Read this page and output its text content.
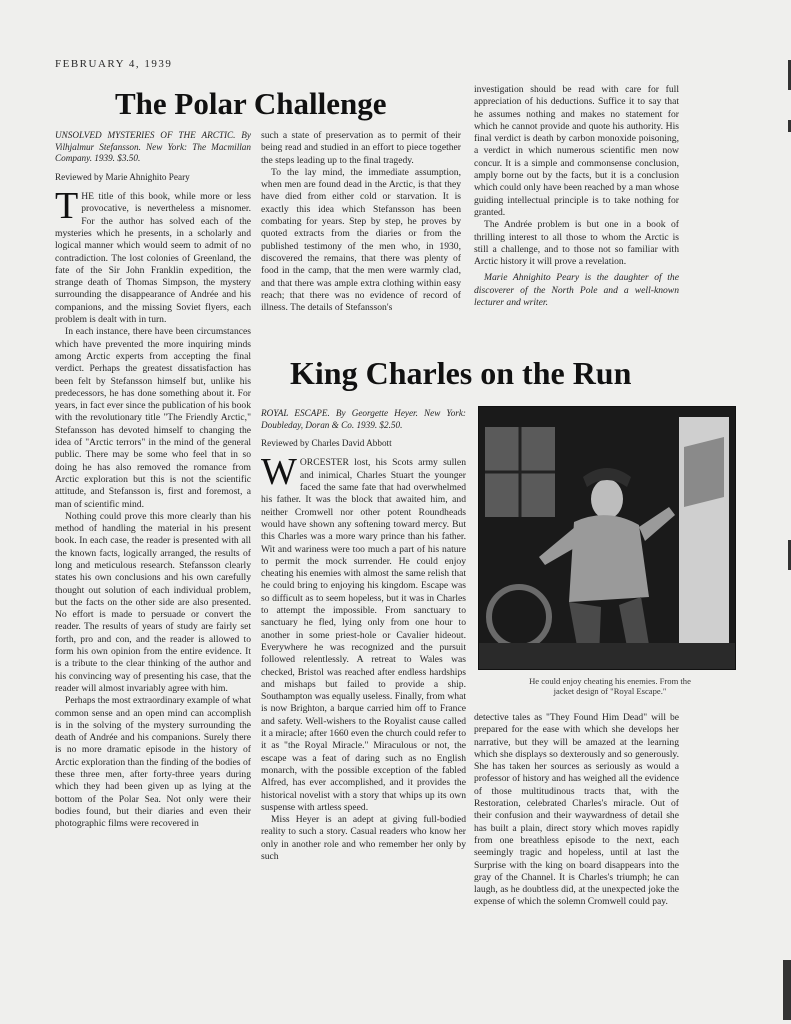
FEBRUARY 4, 1939
The Polar Challenge

UNSOLVED MYSTERIES OF THE ARCTIC. By Vilhjalmur Stefansson. New York: The Macmillan Company. 1939. $3.50.

Reviewed by Marie Ahnighito Peary

THE title of this book, while more or less provocative, is nevertheless a misnomer. For the author has solved each of the mysteries which he presents, in a scholarly and logical manner which would seem to admit of no contradiction. The lost colonies of Greenland, the fate of the Sir John Franklin expedition, the strange death of Thomas Simpson, the mystery surrounding the disappearance of Andrée and his companions, and the missing Soviet flyers, each problem is dealt with in turn.

In each instance, there have been circumstances which have prevented the more inquiring minds among Arctic experts from accepting the final verdict. Perhaps the greatest dissatisfaction has been felt by Stefansson himself but, unlike his predecessors, he has done something about it. For years, in fact ever since the publication of his book with the revolutionary title "The Friendly Arctic," Stefansson has devoted himself to changing the idea of "Arctic terrors" in the mind of the general public. There may be some who feel that in so doing he has also removed the romance from Arctic exploration but this is not the scientific attitude, and Stefansson is, first and foremost, a man of scientific mind.

Nothing could prove this more clearly than his method of handling the material in his present book. In each case, the reader is presented with all the known facts, logically arranged, the results of long and meticulous research. Stefansson clearly states his own conclusions and his own carefully thought out solution of each individual problem, but the facts on the other side are also presented. No effort is made to persuade or convert the reader. The results of years of study are fairly set forth, pro and con, and the reader is allowed to form his own opinion from the entire evidence. It is a tribute to the clear thinking of the author and his convincing way of presenting his case, that the reader will almost invariably agree with him.

Perhaps the most extraordinary example of what common sense and an open mind can accomplish is in the solving of the mystery surrounding the death of Andrée and his companions. Surely there is no more dramatic episode in the history of Arctic exploration than the finding of the bodies of these three men, after forty-three years during which they had been given up as lying at the bottom of the Polar Sea. Not only were their bodies found, but their diaries and even their photographic films were recovered in

such a state of preservation as to permit of their being read and studied in an effort to piece together the steps leading up to the final tragedy.

To the lay mind, the immediate assumption, when men are found dead in the Arctic, is that they have died from either cold or starvation. It is exactly this idea which Stefansson has been combating for years. Step by step, he proves by quoted extracts from the diaries or from the published testimony of the men who, in 1930, discovered the remains, that there was plenty of food in the camp, that the men were warmly clad, and that there was ample extra clothing within easy reach; that there was no evidence of record of illness. The details of Stefansson's

investigation should be read with care for full appreciation of his deductions. Suffice it to say that he assumes nothing and makes no statement for which he cannot provide and quote his authority. His final verdict is death by carbon monoxide poisoning, a verdict in which numerous scientific men now concur. It is a simple and commonsense conclusion, amply borne out by the facts, but it is a conclusion which could only have been reached by a man whose guiding intellectual principle is to take nothing for granted.

The Andrée problem is but one in a book of thrilling interest to all those to whom the Arctic is still a challenge, and to those not so familiar with Arctic history it will prove a revelation.

Marie Ahnighito Peary is the daughter of the discoverer of the North Pole and a well-known lecturer and writer.

King Charles on the Run

ROYAL ESCAPE. By Georgette Heyer. New York: Doubleday, Doran & Co. 1939. $2.50.

Reviewed by Charles David Abbott

WORCESTER lost, his Scots army sullen and inimical, Charles Stuart the younger faced the same fate that had overwhelmed his father. It was the block that awaited him, and neither Cromwell nor other potent Roundheads would have shown any softening toward mercy. But this Charles was a more wary prince than his father. Wit and wariness were too much a part of his nature to permit the mock surrender. He could enjoy cheating his enemies with almost the same relish that he could bring to enjoying his kingdom. Escape was so difficult as to seem hopeless, but it was in Charles to attempt the impossible. From sanctuary to sanctuary he fled, lying only from one hour to another in some priest-hole or Cavalier hideout. Everywhere he was recognized and the pursuit followed relentlessly. A retreat to Wales was checked, Bristol was reached after endless hardships and mishaps but failed to provide a ship. Southampton was equally useless. Finally, from what is now Brighton, a barque carried him off to France and safety. Well-wishers to the Royalist cause called it a miracle; after 1660 even the church could refer to it as "the Royal Miracle." Miraculous or not, the escape was a feat of daring such as no English monarch, with the possible exception of the fabled Alfred, has ever accomplished, and it provides the historical novelist with a story that whips up its own suspense with artless speed.

Miss Heyer is an adept at giving full-bodied reality to such a story. Casual readers who know her only in another role and who remember her only by such

He could enjoy cheating his enemies. From the jacket design of "Royal Escape."

detective tales as "They Found Him Dead" will be prepared for the ease with which she develops her narrative, but they will be amazed at the learning which she displays so dexterously and so generously. She has taken her sources as seriously as would a professor of history and has weighed all the evidence of those multitudinous tracts that, with the Restoration, celebrated Charles's miracle. Out of their confusion and their waywardness of detail she has built a plain, direct story which moves rapidly from one breathless episode to the next, each seemingly tragic and hopeless, until at last the Surprise with the king on board disappears into the gray of the Channel. It is Charles's triumph; he can laugh, as he doubtless did, at the unexpected joke the expense of which the solemn Cromwell could pay.
